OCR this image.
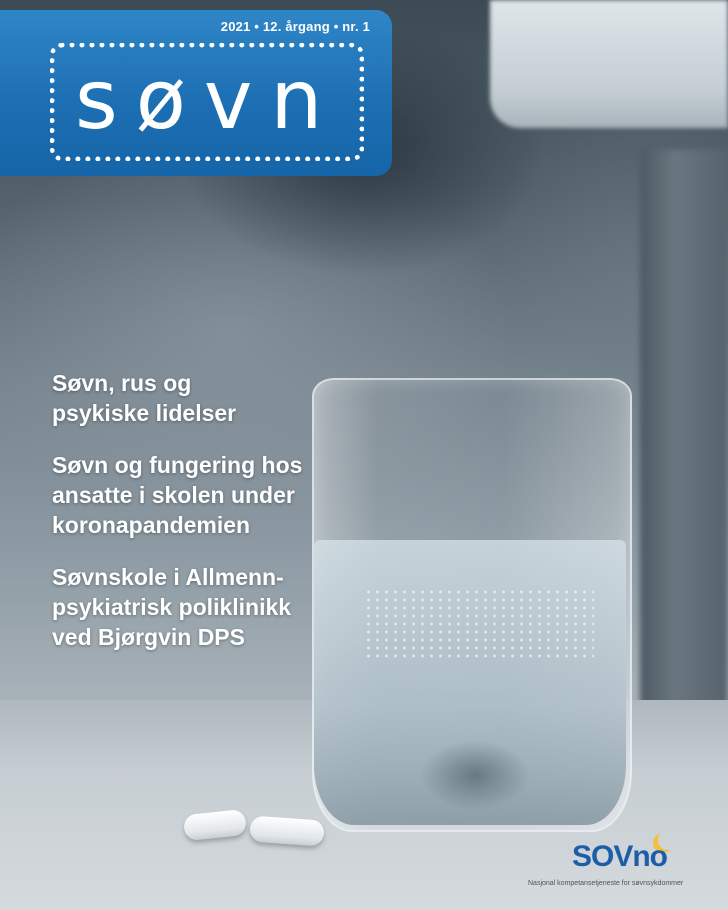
2021 • 12. årgang • nr. 1
søvn
Søvn, rus og
psykiske lidelser
Søvn og fungering hos
ansatte i skolen under
koronapandemien
Søvnskole i Allmenn-
psykiatrisk poliklinikk
ved Bjørgvin DPS
SOVno
Nasjonal kompetansetjeneste for søvnsykdommer
